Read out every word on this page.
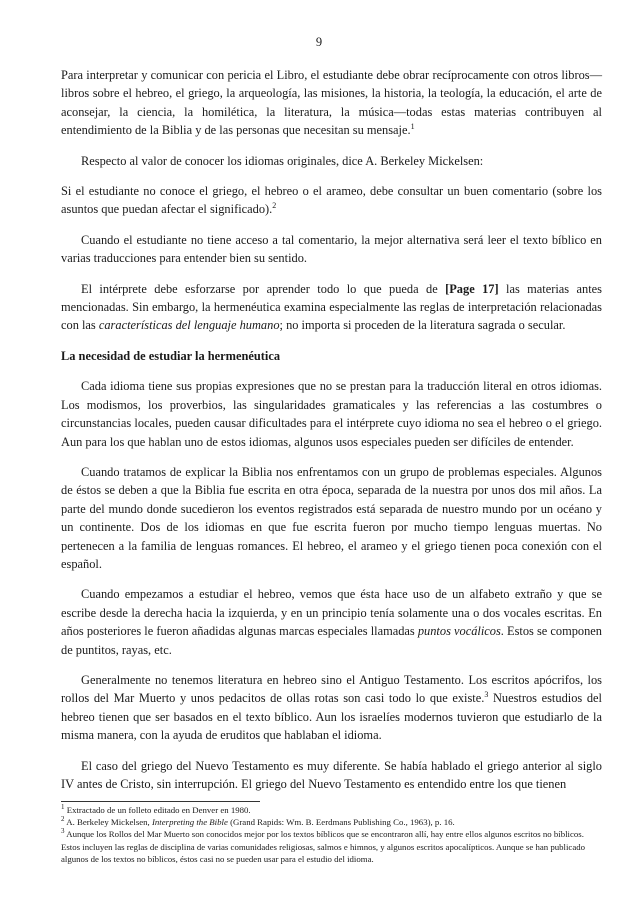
9

Para interpretar y comunicar con pericia el Libro, el estudiante debe obrar recíprocamente con otros libros—libros sobre el hebreo, el griego, la arqueología, las misiones, la historia, la teología, la educación, el arte de aconsejar, la ciencia, la homilética, la literatura, la música—todas estas materias contribuyen al entendimiento de la Biblia y de las personas que necesitan su mensaje.$^1$

Respecto al valor de conocer los idiomas originales, dice A. Berkeley Mickelsen:

Si el estudiante no conoce el griego, el hebreo o el arameo, debe consultar un buen comentario (sobre los asuntos que puedan afectar el significado).$^2$

Cuando el estudiante no tiene acceso a tal comentario, la mejor alternativa será leer el texto bíblico en varias traducciones para entender bien su sentido.

El intérprete debe esforzarse por aprender todo lo que pueda de [Page 17] las materias antes mencionadas. Sin embargo, la hermenéutica examina especialmente las reglas de interpretación relacionadas con las características del lenguaje humano; no importa si proceden de la literatura sagrada o secular.

La necesidad de estudiar la hermenéutica

Cada idioma tiene sus propias expresiones que no se prestan para la traducción literal en otros idiomas. Los modismos, los proverbios, las singularidades gramaticales y las referencias a las costumbres o circunstancias locales, pueden causar dificultades para el intérprete cuyo idioma no sea el hebreo o el griego. Aun para los que hablan uno de estos idiomas, algunos usos especiales pueden ser difíciles de entender.

Cuando tratamos de explicar la Biblia nos enfrentamos con un grupo de problemas especiales. Algunos de éstos se deben a que la Biblia fue escrita en otra época, separada de la nuestra por unos dos mil años. La parte del mundo donde sucedieron los eventos registrados está separada de nuestro mundo por un océano y un continente. Dos de los idiomas en que fue escrita fueron por mucho tiempo lenguas muertas. No pertenecen a la familia de lenguas romances. El hebreo, el arameo y el griego tienen poca conexión con el español.

Cuando empezamos a estudiar el hebreo, vemos que ésta hace uso de un alfabeto extraño y que se escribe desde la derecha hacia la izquierda, y en un principio tenía solamente una o dos vocales escritas. En años posteriores le fueron añadidas algunas marcas especiales llamadas puntos vocálicos. Estos se componen de puntitos, rayas, etc.

Generalmente no tenemos literatura en hebreo sino el Antiguo Testamento. Los escritos apócrifos, los rollos del Mar Muerto y unos pedacitos de ollas rotas son casi todo lo que existe.$^3$ Nuestros estudios del hebreo tienen que ser basados en el texto bíblico. Aun los israelíes modernos tuvieron que estudiarlo de la misma manera, con la ayuda de eruditos que hablaban el idioma.

El caso del griego del Nuevo Testamento es muy diferente. Se había hablado el griego anterior al siglo IV antes de Cristo, sin interrupción. El griego del Nuevo Testamento es entendido entre los que tienen

$^1$ Extractado de un folleto editado en Denver en 1980.

$^2$ A. Berkeley Mickelsen, Interpreting the Bible (Grand Rapids: Wm. B. Eerdmans Publishing Co., 1963), p. 16.

$^3$ Aunque los Rollos del Mar Muerto son conocidos mejor por los textos bíblicos que se encontraron allí, hay entre ellos algunos escritos no bíblicos. Estos incluyen las reglas de disciplina de varias comunidades religiosas, salmos e himnos, y algunos escritos apocalípticos. Aunque se han publicado algunos de los textos no bíblicos, éstos casi no se pueden usar para el estudio del idioma.
